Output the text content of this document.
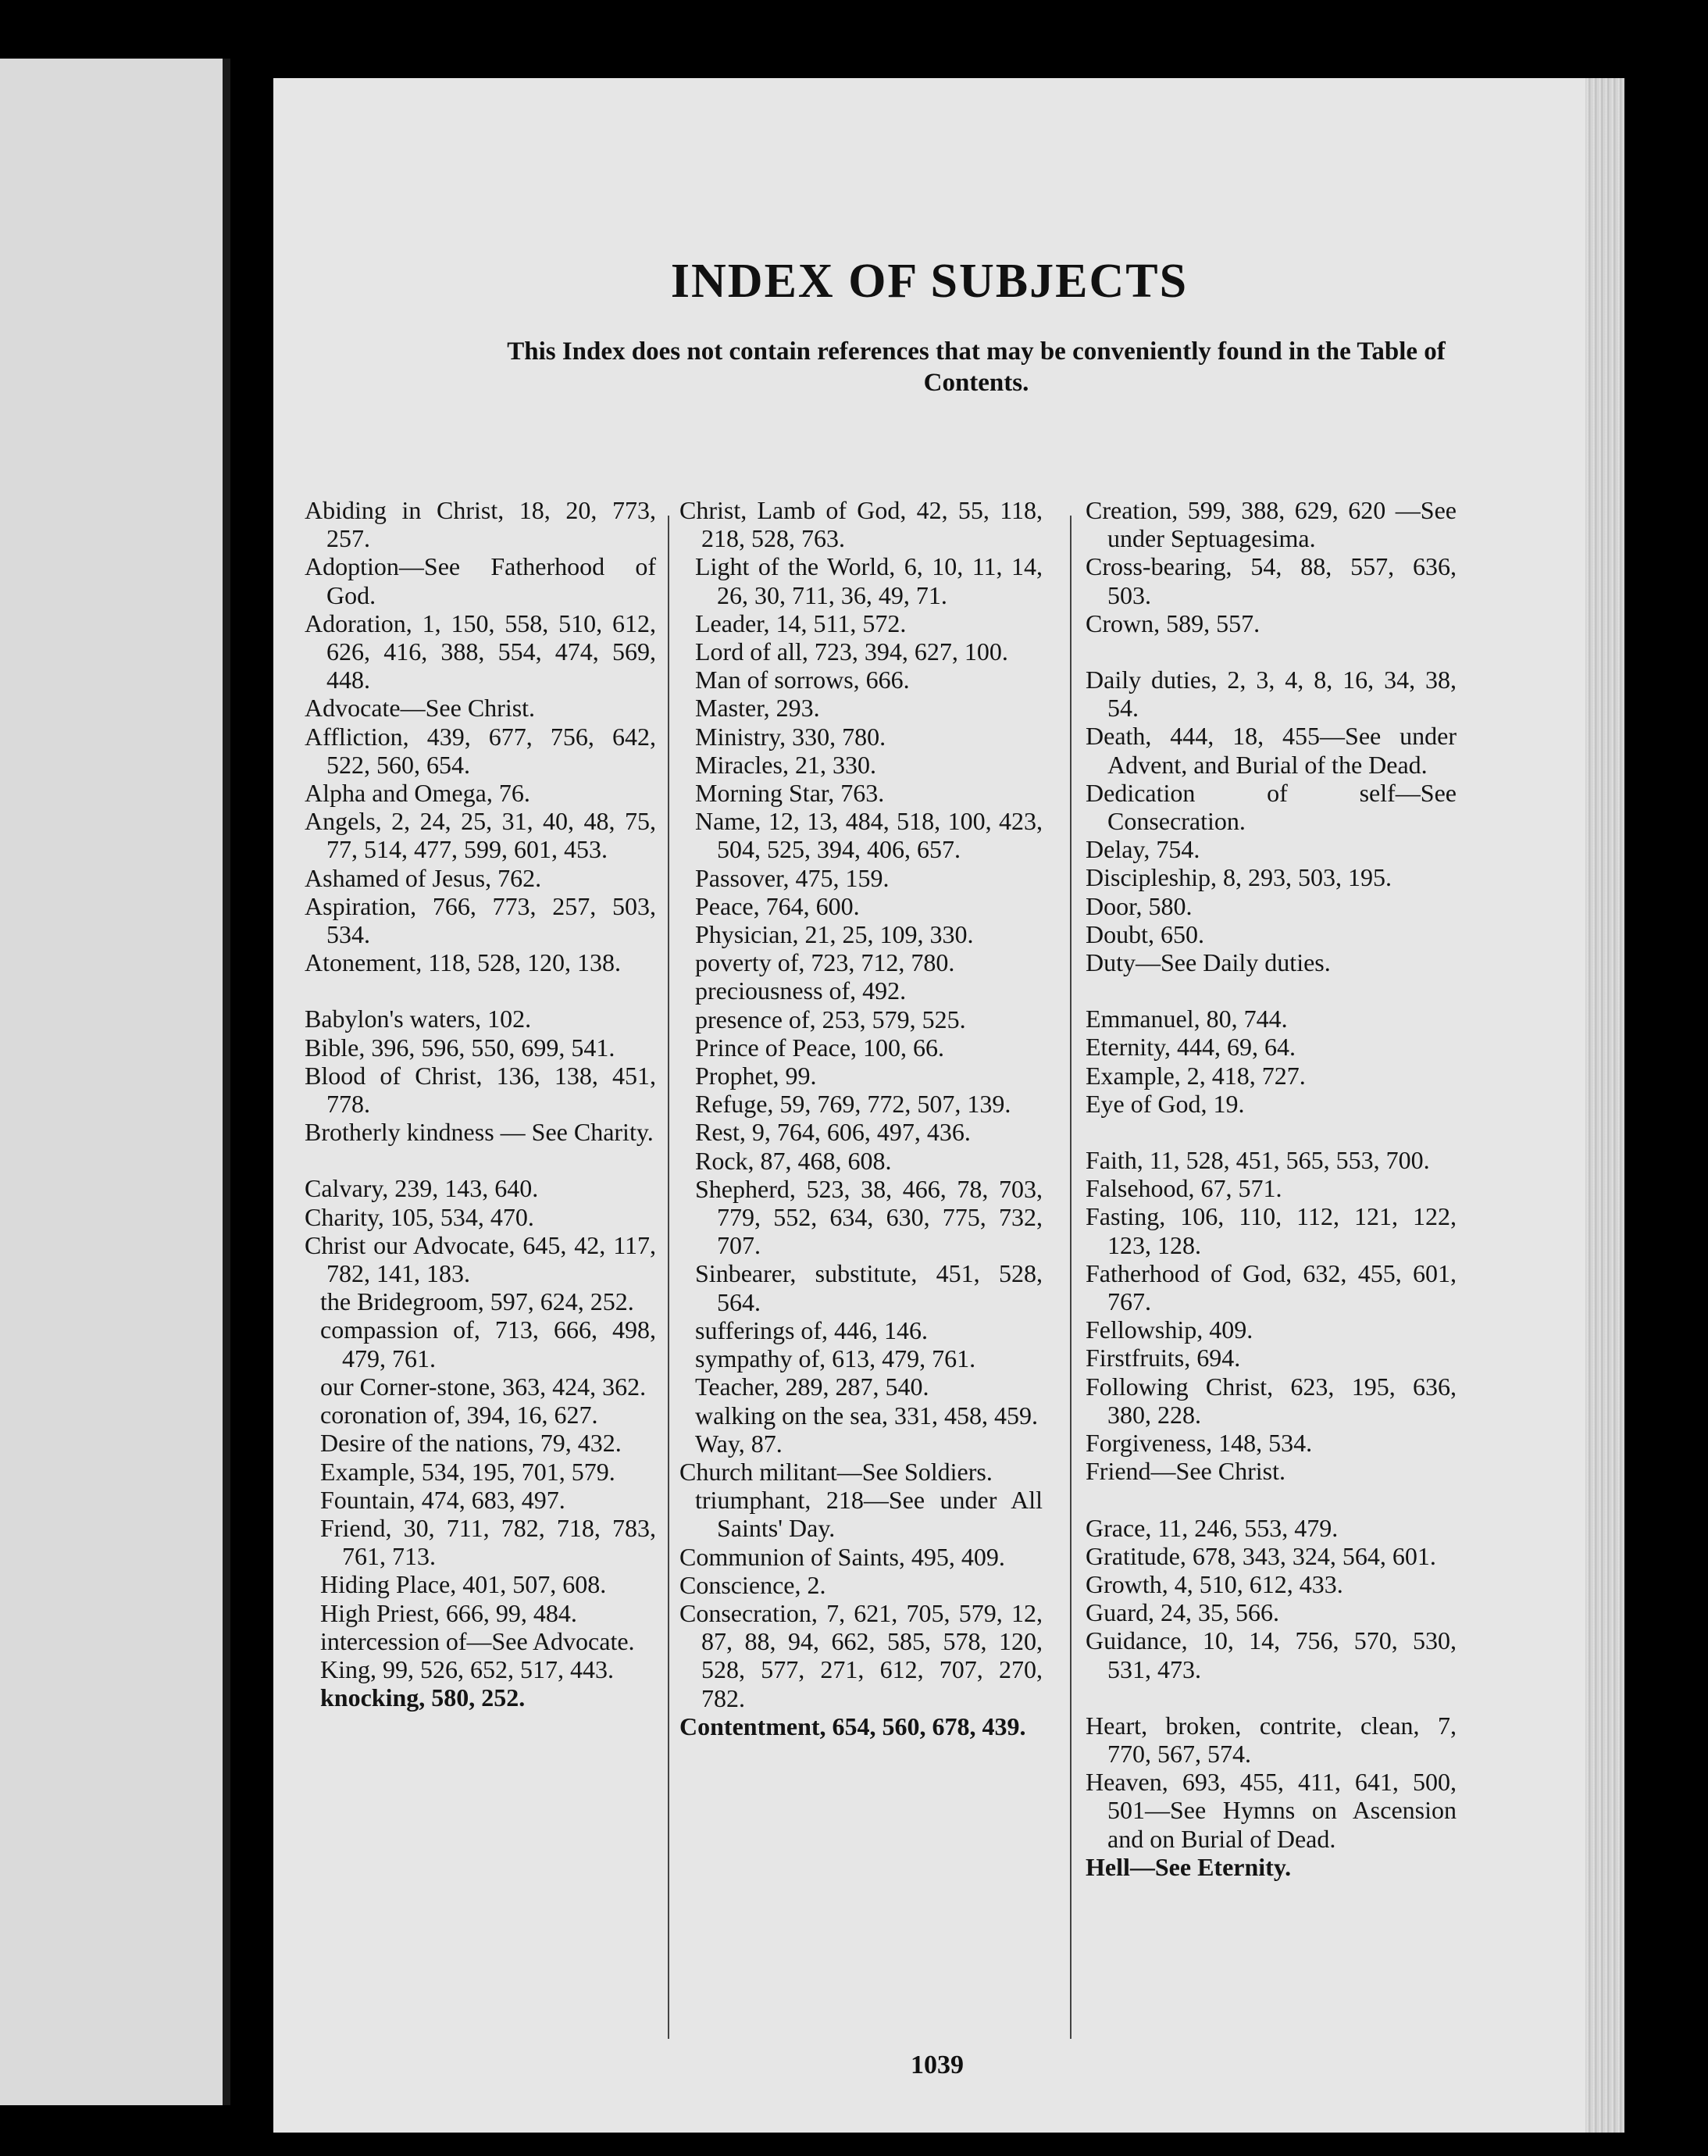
INDEX OF SUBJECTS
This Index does not contain references that may be conveniently found in the Table of Contents.
Abiding in Christ, 18, 20, 773, 257.
Adoption—See Fatherhood of God.
Adoration, 1, 150, 558, 510, 612, 626, 416, 388, 554, 474, 569, 448.
Advocate—See Christ.
Affliction, 439, 677, 756, 642, 522, 560, 654.
Alpha and Omega, 76.
Angels, 2, 24, 25, 31, 40, 48, 75, 77, 514, 477, 599, 601, 453.
Ashamed of Jesus, 762.
Aspiration, 766, 773, 257, 503, 534.
Atonement, 118, 528, 120, 138.
Babylon's waters, 102.
Bible, 396, 596, 550, 699, 541.
Blood of Christ, 136, 138, 451, 778.
Brotherly kindness — See Charity.
Calvary, 239, 143, 640.
Charity, 105, 534, 470.
Christ our Advocate, 645, 42, 117, 782, 141, 183.
the Bridegroom, 597, 624, 252.
compassion of, 713, 666, 498, 479, 761.
our Corner-stone, 363, 424, 362.
coronation of, 394, 16, 627.
Desire of the nations, 79, 432.
Example, 534, 195, 701, 579.
Fountain, 474, 683, 497.
Friend, 30, 711, 782, 718, 783, 761, 713.
Hiding Place, 401, 507, 608.
High Priest, 666, 99, 484.
intercession of—See Advocate.
King, 99, 526, 652, 517, 443.
knocking, 580, 252.
Christ, Lamb of God, 42, 55, 118, 218, 528, 763.
Light of the World, 6, 10, 11, 14, 26, 30, 711, 36, 49, 71.
Leader, 14, 511, 572.
Lord of all, 723, 394, 627, 100.
Man of sorrows, 666.
Master, 293.
Ministry, 330, 780.
Miracles, 21, 330.
Morning Star, 763.
Name, 12, 13, 484, 518, 100, 423, 504, 525, 394, 406, 657.
Passover, 475, 159.
Peace, 764, 600.
Physician, 21, 25, 109, 330.
poverty of, 723, 712, 780.
preciousness of, 492.
presence of, 253, 579, 525.
Prince of Peace, 100, 66.
Prophet, 99.
Refuge, 59, 769, 772, 507, 139.
Rest, 9, 764, 606, 497, 436.
Rock, 87, 468, 608.
Shepherd, 523, 38, 466, 78, 703, 779, 552, 634, 630, 775, 732, 707.
Sinbearer, substitute, 451, 528, 564.
sufferings of, 446, 146.
sympathy of, 613, 479, 761.
Teacher, 289, 287, 540.
walking on the sea, 331, 458, 459.
Way, 87.
Church militant—See Soldiers.
triumphant, 218—See under All Saints' Day.
Communion of Saints, 495, 409.
Conscience, 2.
Consecration, 7, 621, 705, 579, 12, 87, 88, 94, 662, 585, 578, 120, 528, 577, 271, 612, 707, 270, 782.
Contentment, 654, 560, 678, 439.
Creation, 599, 388, 629, 620 —See under Septuagesima.
Cross-bearing, 54, 88, 557, 636, 503.
Crown, 589, 557.
Daily duties, 2, 3, 4, 8, 16, 34, 38, 54.
Death, 444, 18, 455—See under Advent, and Burial of the Dead.
Dedication of self—See Consecration.
Delay, 754.
Discipleship, 8, 293, 503, 195.
Door, 580.
Doubt, 650.
Duty—See Daily duties.
Emmanuel, 80, 744.
Eternity, 444, 69, 64.
Example, 2, 418, 727.
Eye of God, 19.
Faith, 11, 528, 451, 565, 553, 700.
Falsehood, 67, 571.
Fasting, 106, 110, 112, 121, 122, 123, 128.
Fatherhood of God, 632, 455, 601, 767.
Fellowship, 409.
Firstfruits, 694.
Following Christ, 623, 195, 636, 380, 228.
Forgiveness, 148, 534.
Friend—See Christ.
Grace, 11, 246, 553, 479.
Gratitude, 678, 343, 324, 564, 601.
Growth, 4, 510, 612, 433.
Guard, 24, 35, 566.
Guidance, 10, 14, 756, 570, 530, 531, 473.
Heart, broken, contrite, clean, 7, 770, 567, 574.
Heaven, 693, 455, 411, 641, 500, 501—See Hymns on Ascension and on Burial of Dead.
Hell—See Eternity.
1039
